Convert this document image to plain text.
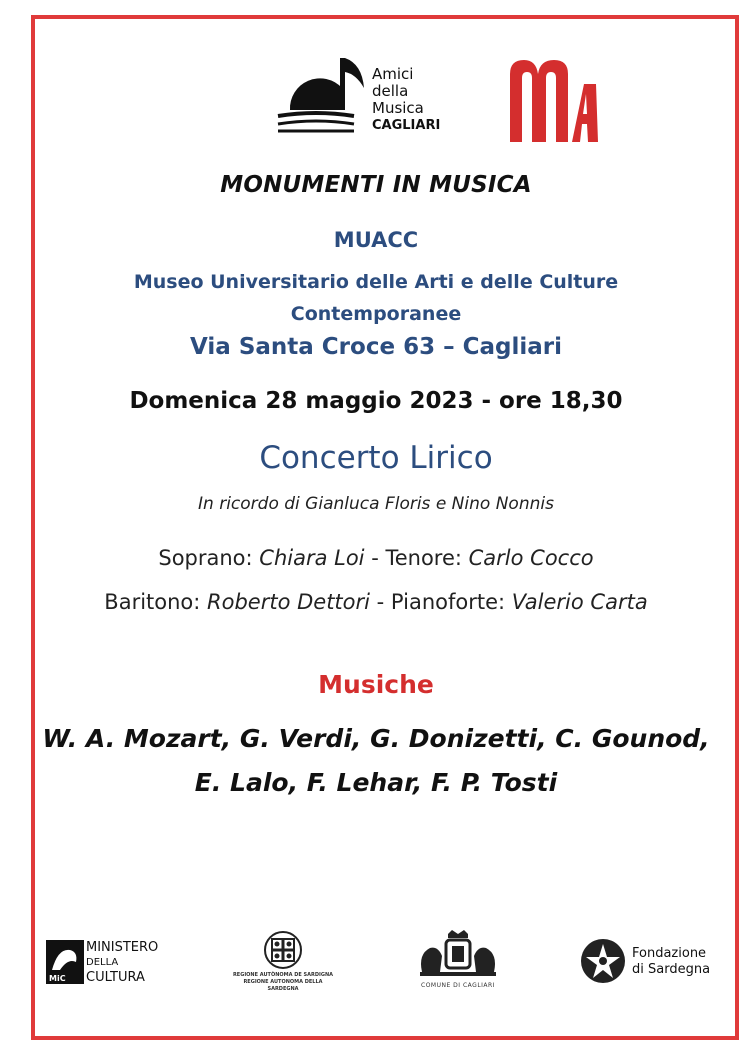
Amici
della
Musica
CAGLIARI
MONUMENTI IN MUSICA
MUACC
Museo Universitario delle Arti e delle Culture Contemporanee
Via Santa Croce 63 – Cagliari
Domenica 28 maggio 2023 - ore 18,30
Concerto Lirico
In ricordo di Gianluca Floris e Nino Nonnis
Soprano: Chiara Loi - Tenore: Carlo Cocco
Baritono: Roberto Dettori - Pianoforte: Valerio Carta
Musiche
W. A. Mozart, G. Verdi, G. Donizetti, C. Gounod,
E. Lalo, F. Lehar, F. P. Tosti
MiC
MINISTERO
DELLA
CULTURA	REGIONE AUTÒNOMA DE SARDIGNA
REGIONE AUTONOMA DELLA SARDEGNA	COMUNE DI CAGLIARI
Fondazione
di Sardegna
